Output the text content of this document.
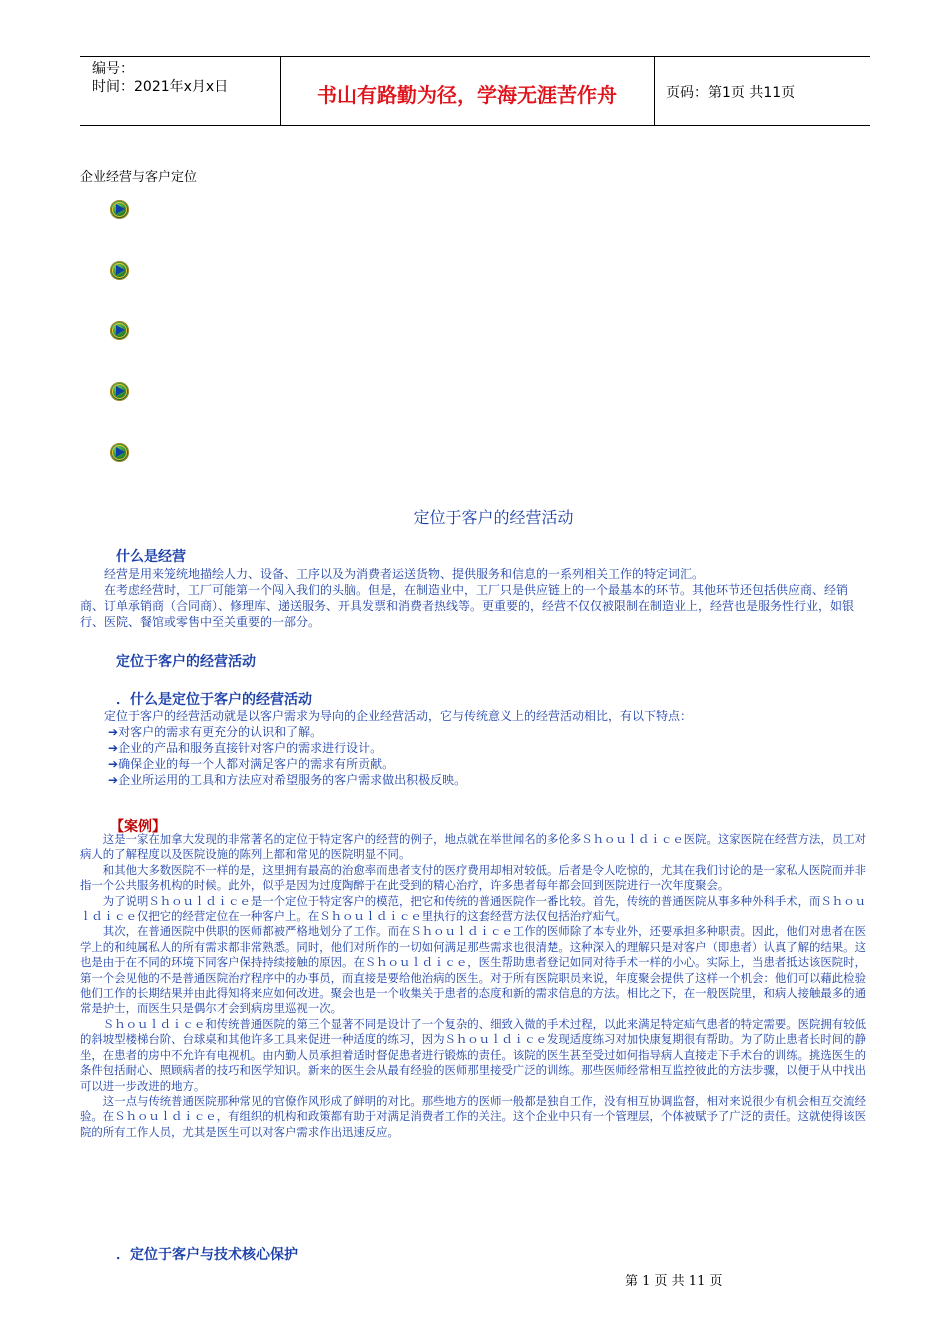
编号：
时间：2021年x月x日	书山有路勤为径，学海无涯苦作舟	页码：第1页 共11页
企业经营与客户定位
定位于客户的经营活动
什么是经营

经营是用来笼统地描绘人力、设备、工序以及为消费者运送货物、提供服务和信息的一系列相关工作的特定词汇。

在考虑经营时，工厂可能第一个闯入我们的头脑。但是，在制造业中，工厂只是供应链上的一个最基本的环节。其他环节还包括供应商、经销商、订单承销商（合同商）、修理库、递送服务、开具发票和消费者热线等。更重要的，经营不仅仅被限制在制造业上，经营也是服务性行业，如银行、医院、餐馆或零售中至关重要的一部分。

定位于客户的经营活动
．什么是定位于客户的经营活动

定位于客户的经营活动就是以客户需求为导向的企业经营活动，它与传统意义上的经营活动相比，有以下特点：

➔对客户的需求有更充分的认识和了解。

➔企业的产品和服务直接针对客户的需求进行设计。

➔确保企业的每一个人都对满足客户的需求有所贡献。

➔企业所运用的工具和方法应对希望服务的客户需求做出积极反映。

【案例】

这是一家在加拿大发现的非常著名的定位于特定客户的经营的例子，地点就在举世闻名的多伦多Ｓｈｏｕｌｄｉｃｅ医院。这家医院在经营方法，员工对病人的了解程度以及医院设施的陈列上都和常见的医院明显不同。

和其他大多数医院不一样的是，这里拥有最高的治愈率而患者支付的医疗费用却相对较低。后者是令人吃惊的，尤其在我们讨论的是一家私人医院而并非指一个公共服务机构的时候。此外，似乎是因为过度陶醉于在此受到的精心治疗，许多患者每年都会回到医院进行一次年度聚会。

为了说明Ｓｈｏｕｌｄｉｃｅ是一个定位于特定客户的模范，把它和传统的普通医院作一番比较。首先，传统的普通医院从事多种外科手术，而Ｓｈｏｕｌｄｉｃｅ仅把它的经营定位在一种客户上。在Ｓｈｏｕｌｄｉｃｅ里执行的这套经营方法仅包括治疗疝气。

其次，在普通医院中供职的医师都被严格地划分了工作。而在Ｓｈｏｕｌｄｉｃｅ工作的医师除了本专业外，还要承担多种职责。因此，他们对患者在医学上的和纯属私人的所有需求都非常熟悉。同时，他们对所作的一切如何满足那些需求也很清楚。这种深入的理解只是对客户（即患者）认真了解的结果。这也是由于在不同的环境下同客户保持持续接触的原因。在Ｓｈｏｕｌｄｉｃｅ，医生帮助患者登记如同对待手术一样的小心。实际上，当患者抵达该医院时，第一个会见他的不是普通医院治疗程序中的办事员，而直接是要给他治病的医生。对于所有医院职员来说，年度聚会提供了这样一个机会：他们可以藉此检验他们工作的长期结果并由此得知将来应如何改进。聚会也是一个收集关于患者的态度和新的需求信息的方法。相比之下，在一般医院里，和病人接触最多的通常是护士，而医生只是偶尔才会到病房里巡视一次。

Ｓｈｏｕｌｄｉｃｅ和传统普通医院的第三个显著不同是设计了一个复杂的、细致入微的手术过程，以此来满足特定疝气患者的特定需要。医院拥有较低的斜坡型楼梯台阶、台球桌和其他许多工具来促进一种适度的练习，因为Ｓｈｏｕｌｄｉｃｅ发现适度练习对加快康复期很有帮助。为了防止患者长时间的静坐，在患者的房中不允许有电视机。由内勤人员承担着适时督促患者进行锻炼的责任。该院的医生甚至受过如何指导病人直接走下手术台的训练。挑选医生的条件包括耐心、照顾病者的技巧和医学知识。新来的医生会从最有经验的医师那里接受广泛的训练。那些医师经常相互监控彼此的方法步骤，以便于从中找出可以进一步改进的地方。

这一点与传统普通医院那种常见的官僚作风形成了鲜明的对比。那些地方的医师一般都是独自工作，没有相互协调监督，相对来说很少有机会相互交流经验。在Ｓｈｏｕｌｄｉｃｅ，有组织的机构和政策都有助于对满足消费者工作的关注。这个企业中只有一个管理层，个体被赋予了广泛的责任。这就使得该医院的所有工作人员，尤其是医生可以对客户需求作出迅速反应。

．定位于客户与技术核心保护
第 1 页 共 11 页
